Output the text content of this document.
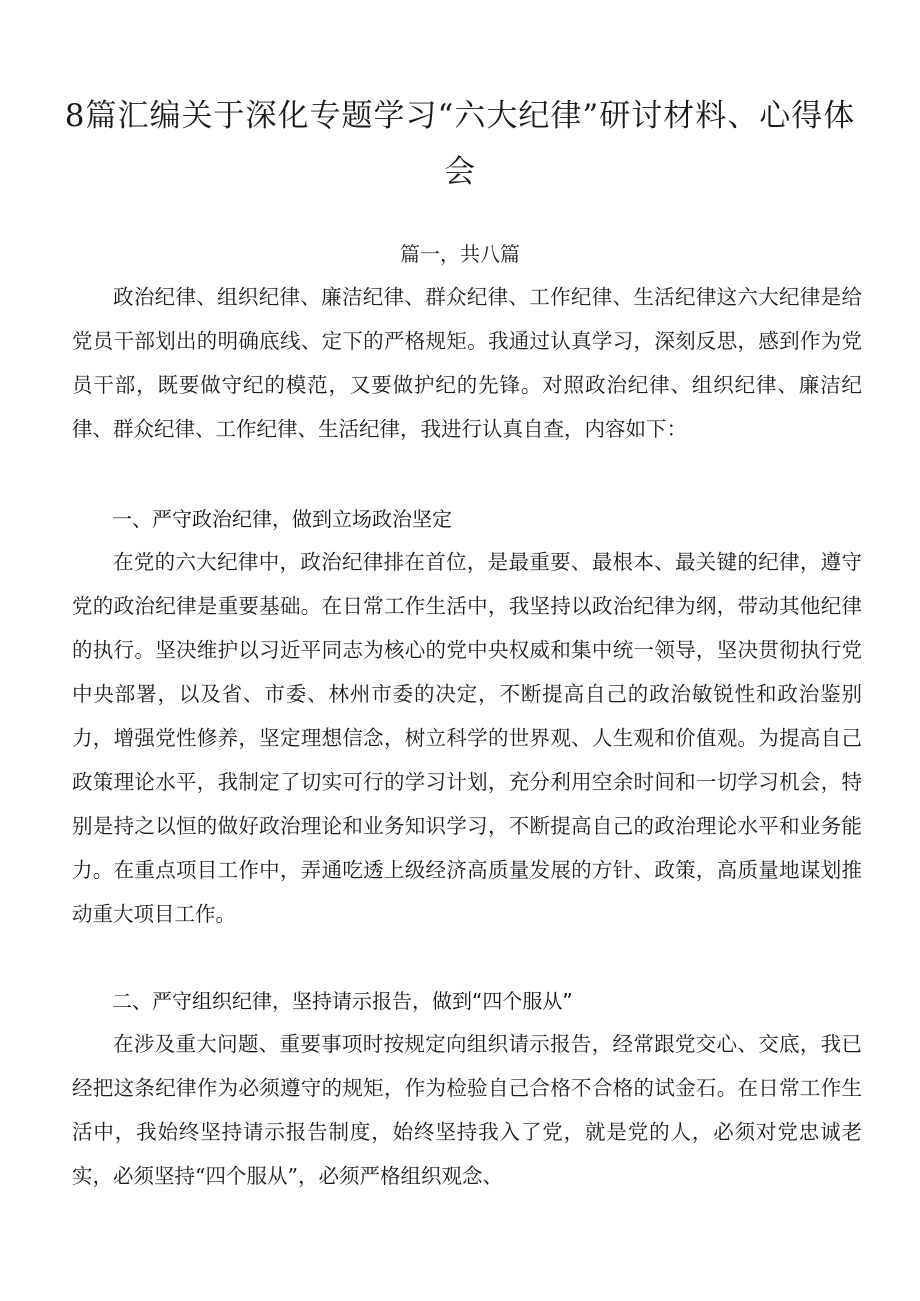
8篇汇编关于深化专题学习“六大纪律”研讨材料、心得体会
篇一，共八篇

政治纪律、组织纪律、廉洁纪律、群众纪律、工作纪律、生活纪律这六大纪律是给党员干部划出的明确底线、定下的严格规矩。我通过认真学习，深刻反思，感到作为党员干部，既要做守纪的模范，又要做护纪的先锋。对照政治纪律、组织纪律、廉洁纪律、群众纪律、工作纪律、生活纪律，我进行认真自查，内容如下：

一、严守政治纪律，做到立场政治坚定

在党的六大纪律中，政治纪律排在首位，是最重要、最根本、最关键的纪律，遵守党的政治纪律是重要基础。在日常工作生活中，我坚持以政治纪律为纲，带动其他纪律的执行。坚决维护以习近平同志为核心的党中央权威和集中统一领导，坚决贯彻执行党中央部署，以及省、市委、林州市委的决定，不断提高自己的政治敏锐性和政治鉴别力，增强党性修养，坚定理想信念，树立科学的世界观、人生观和价值观。为提高自己政策理论水平，我制定了切实可行的学习计划，充分利用空余时间和一切学习机会，特别是持之以恒的做好政治理论和业务知识学习，不断提高自己的政治理论水平和业务能力。在重点项目工作中，弄通吃透上级经济高质量发展的方针、政策，高质量地谋划推动重大项目工作。

二、严守组织纪律，坚持请示报告，做到“四个服从”

在涉及重大问题、重要事项时按规定向组织请示报告，经常跟党交心、交底，我已经把这条纪律作为必须遵守的规矩，作为检验自己合格不合格的试金石。在日常工作生活中，我始终坚持请示报告制度，始终坚持我入了党，就是党的人，必须对党忠诚老实，必须坚持“四个服从”，必须严格组织观念、
